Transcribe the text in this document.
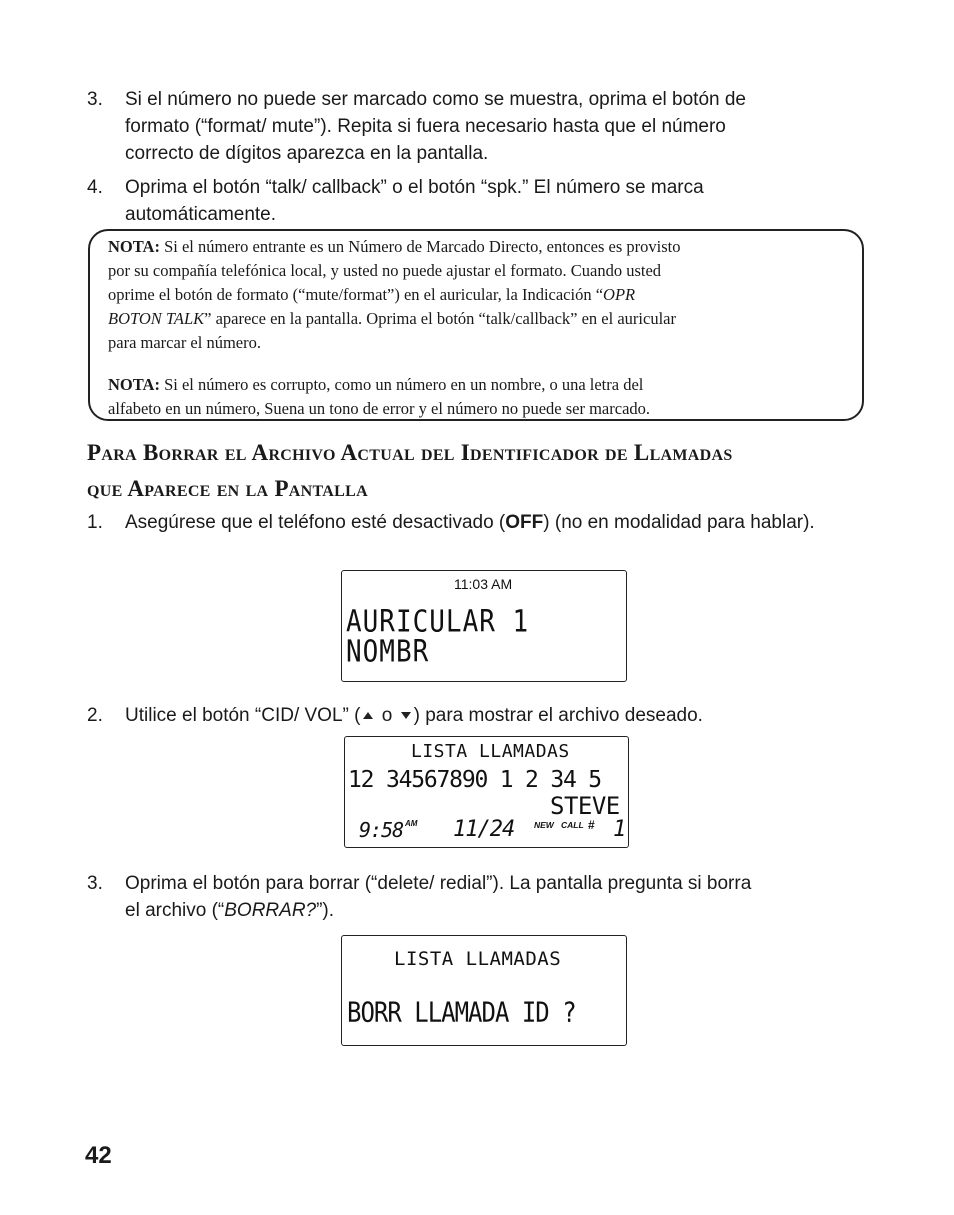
3. Si el número no puede ser marcado como se muestra, oprima el botón de
formato (“format/ mute”). Repita si fuera necesario hasta que el número
correcto de dígitos aparezca en la pantalla.
4. Oprima el botón “talk/ callback” o el botón “spk.” El número se marca
automáticamente.
NOTA: Si el número entrante es un Número de Marcado Directo, entonces es provisto
por su compañía telefónica local, y usted no puede ajustar el formato. Cuando usted
oprime el botón de formato (“mute/format”) en el auricular, la Indicación “OPR
BOTON TALK” aparece en la pantalla. Oprima el botón “talk/callback” en el auricular
para marcar el número.
NOTA: Si el número es corrupto, como un número en un nombre, o una letra del
alfabeto en un número, Suena un tono de error y el número no puede ser marcado.
Para Borrar el Archivo Actual del Identificador de Llamadas
que Aparece en la Pantalla
1. Asegúrese que el teléfono esté desactivado (OFF) (no en modalidad para hablar).
11:03 AM
AURICULAR 1
NOMBR
2. Utilice el botón “CID/ VOL” ( o ) para mostrar el archivo deseado.
LISTA LLAMADAS
12 34567890 1 2 34 5
STEVE
9:58 AM 11/24 NEW CALL # 1
3. Oprima el botón para borrar (“delete/ redial”). La pantalla pregunta si borra
el archivo (“BORRAR?”).
LISTA LLAMADAS
BORR LLAMADA ID ?
42
